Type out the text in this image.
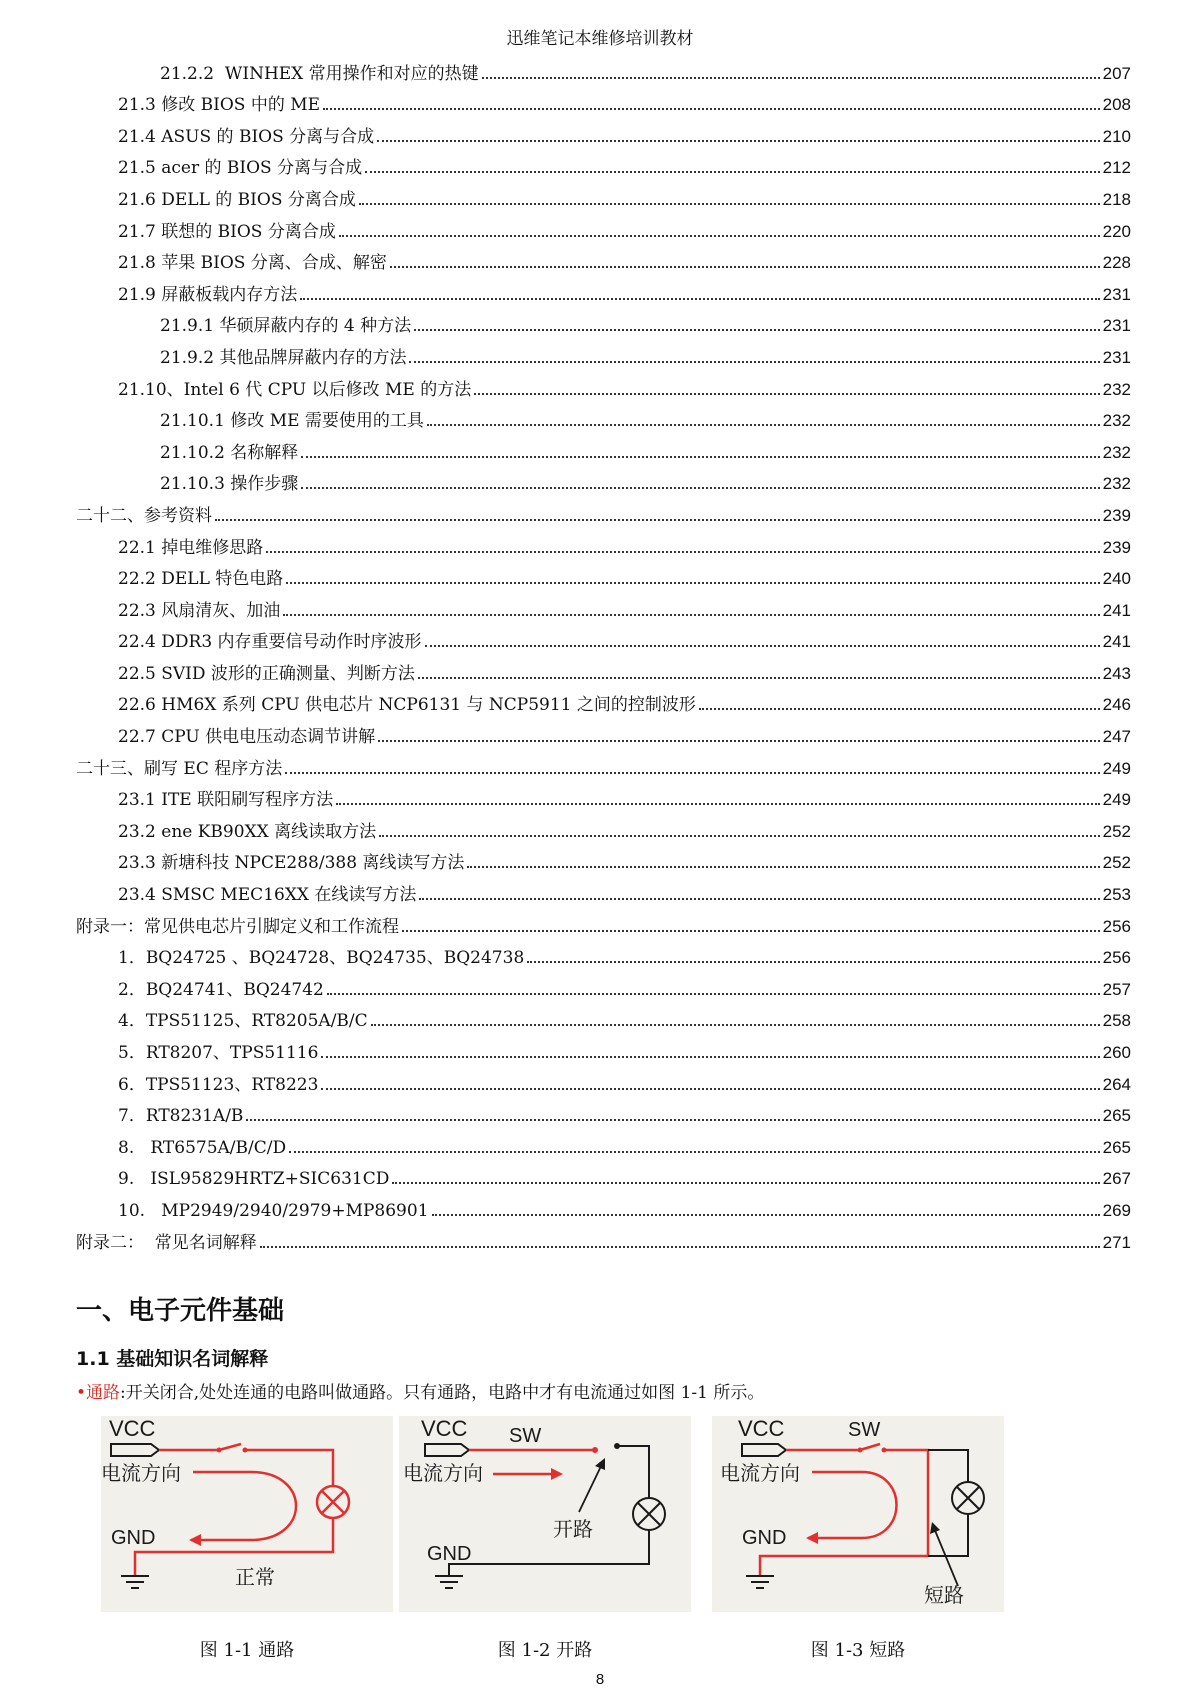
迅维笔记本维修培训教材
21.2.2  WINHEX 常用操作和对应的热键	207
21.3 修改 BIOS 中的 ME	208
21.4 ASUS 的 BIOS 分离与合成	210
21.5 acer 的 BIOS 分离与合成	212
21.6 DELL 的 BIOS 分离合成	218
21.7 联想的 BIOS 分离合成	220
21.8 苹果 BIOS 分离、合成、解密	228
21.9 屏蔽板载内存方法	231
21.9.1 华硕屏蔽内存的 4 种方法	231
21.9.2 其他品牌屏蔽内存的方法	231
21.10、Intel 6 代 CPU 以后修改 ME 的方法	232
21.10.1 修改 ME 需要使用的工具	232
21.10.2 名称解释	232
21.10.3 操作步骤	232
二十二、参考资料	239
22.1 掉电维修思路	239
22.2 DELL 特色电路	240
22.3 风扇清灰、加油	241
22.4 DDR3 内存重要信号动作时序波形	241
22.5 SVID 波形的正确测量、判断方法	243
22.6 HM6X 系列 CPU 供电芯片 NCP6131 与 NCP5911 之间的控制波形	246
22.7 CPU 供电电压动态调节讲解	247
二十三、刷写 EC 程序方法	249
23.1 ITE 联阳刷写程序方法	249
23.2 ene KB90XX 离线读取方法	252
23.3 新塘科技 NPCE288/388 离线读写方法	252
23.4 SMSC MEC16XX 在线读写方法	253
附录一：常见供电芯片引脚定义和工作流程	256
1．BQ24725 、BQ24728、BQ24735、BQ24738	256
2．BQ24741、BQ24742	257
4．TPS51125、RT8205A/B/C	258
5．RT8207、TPS51116	260
6．TPS51123、RT8223	264
7．RT8231A/B	265
8.   RT6575A/B/C/D	265
9.   ISL95829HRTZ+SIC631CD	267
10.   MP2949/2940/2979+MP86901	269
附录二：  常见名词解释	271
一、电子元件基础
1.1 基础知识名词解释
•通路:开关闭合,处处连通的电路叫做通路。只有通路，电路中才有电流通过如图 1-1 所示。
VCC
电流方向
GND
正常
图 1-1 通路
VCC SW
电流方向
开路
GND
图 1-2 开路
VCC	SW
电流方向
GND
短路
图 1-3 短路
8
